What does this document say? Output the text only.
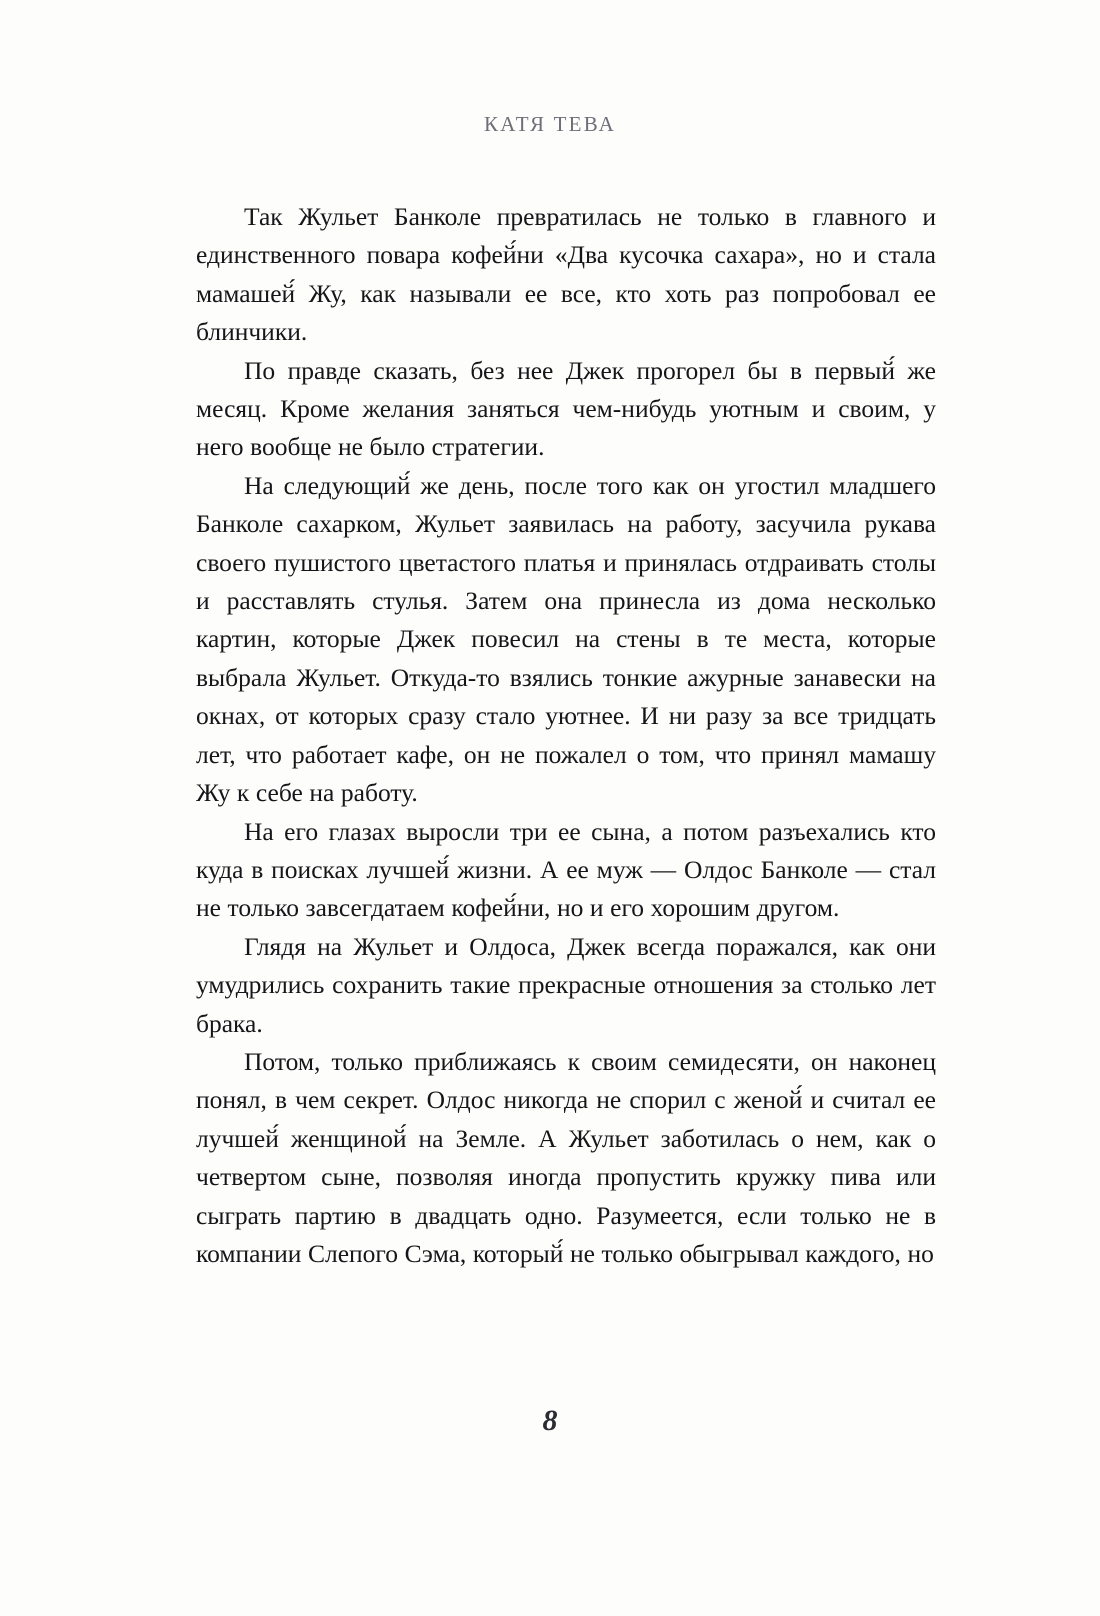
КАТЯ ТЕВА

Так Жульет Банколе превратилась не только в главного и единственного повара кофей́ни «Два кусочка сахара», но и стала мамашей́ Жу, как называли ее все, кто хоть раз попробовал ее блинчики.

По правде сказать, без нее Джек прогорел бы в первый́ же месяц. Кроме желания заняться чем-нибудь уютным и своим, у него вообще не было стратегии.

На следующий́ же день, после того как он угостил младшего Банколе сахарком, Жульет заявилась на работу, засучила рукава своего пушистого цветастого платья и принялась отдраивать столы и расставлять стулья. Затем она принесла из дома несколько картин, которые Джек повесил на стены в те места, которые выбрала Жульет. Откуда-то взялись тонкие ажурные занавески на окнах, от которых сразу стало уютнее. И ни разу за все тридцать лет, что работает кафе, он не пожалел о том, что принял мамашу Жу к себе на работу.

На его глазах выросли три ее сына, а потом разъехались кто куда в поисках лучшей́ жизни. А ее муж — Олдос Банколе — стал не только завсегдатаем кофей́ни, но и его хорошим другом.

Глядя на Жульет и Олдоса, Джек всегда поражался, как они умудрились сохранить такие прекрасные отношения за столько лет брака.

Потом, только приближаясь к своим семидесяти, он наконец понял, в чем секрет. Олдос никогда не спорил с женой́ и считал ее лучшей́ женщиной́ на Земле. А Жульет заботилась о нем, как о четвертом сыне, позволяя иногда пропустить кружку пива или сыграть партию в двадцать одно. Разумеется, если только не в компании Слепого Сэма, который́ не только обыгрывал каждого, но

8
